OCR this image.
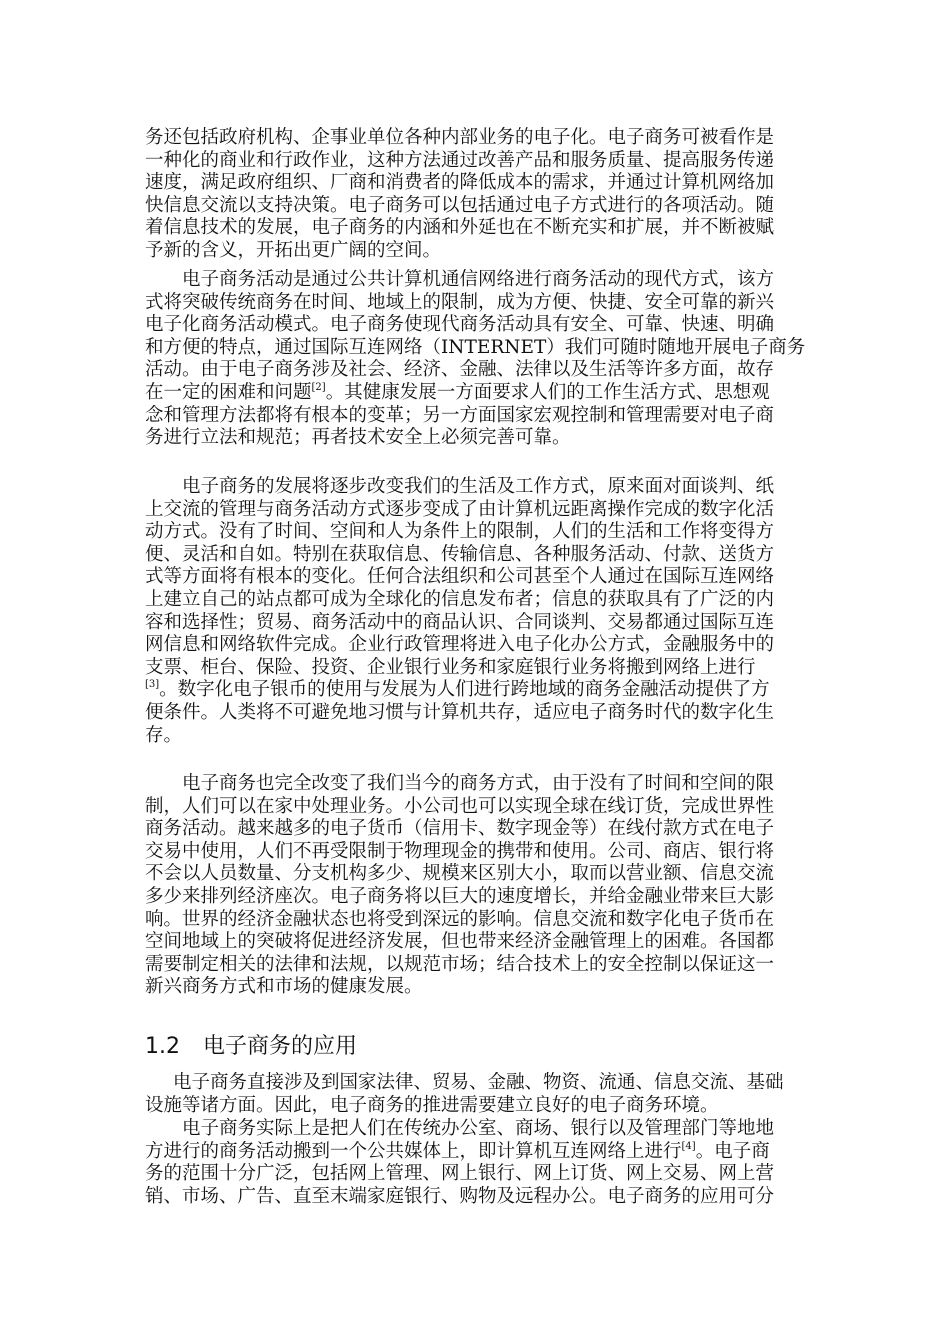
务还包括政府机构、企事业单位各种内部业务的电子化。电子商务可被看作是
一种化的商业和行政作业，这种方法通过改善产品和服务质量、提高服务传递
速度，满足政府组织、厂商和消费者的降低成本的需求，并通过计算机网络加
快信息交流以支持决策。电子商务可以包括通过电子方式进行的各项活动。随
着信息技术的发展，电子商务的内涵和外延也在不断充实和扩展，并不断被赋
予新的含义，开拓出更广阔的空间。
电子商务活动是通过公共计算机通信网络进行商务活动的现代方式，该方
式将突破传统商务在时间、地域上的限制，成为方便、快捷、安全可靠的新兴
电子化商务活动模式。电子商务使现代商务活动具有安全、可靠、快速、明确
和方便的特点，通过国际互连网络（INTERNET）我们可随时随地开展电子商务
活动。由于电子商务涉及社会、经济、金融、法律以及生活等许多方面，故存
在一定的困难和问题[2]。其健康发展一方面要求人们的工作生活方式、思想观
念和管理方法都将有根本的变革；另一方面国家宏观控制和管理需要对电子商
务进行立法和规范；再者技术安全上必须完善可靠。
电子商务的发展将逐步改变我们的生活及工作方式，原来面对面谈判、纸
上交流的管理与商务活动方式逐步变成了由计算机远距离操作完成的数字化活
动方式。没有了时间、空间和人为条件上的限制，人们的生活和工作将变得方
便、灵活和自如。特别在获取信息、传输信息、各种服务活动、付款、送货方
式等方面将有根本的变化。任何合法组织和公司甚至个人通过在国际互连网络
上建立自己的站点都可成为全球化的信息发布者；信息的获取具有了广泛的内
容和选择性；贸易、商务活动中的商品认识、合同谈判、交易都通过国际互连
网信息和网络软件完成。企业行政管理将进入电子化办公方式，金融服务中的
支票、柜台、保险、投资、企业银行业务和家庭银行业务将搬到网络上进行
[3]。数字化电子银币的使用与发展为人们进行跨地域的商务金融活动提供了方
便条件。人类将不可避免地习惯与计算机共存，适应电子商务时代的数字化生
存。
电子商务也完全改变了我们当今的商务方式，由于没有了时间和空间的限
制，人们可以在家中处理业务。小公司也可以实现全球在线订货，完成世界性
商务活动。越来越多的电子货币（信用卡、数字现金等）在线付款方式在电子
交易中使用，人们不再受限制于物理现金的携带和使用。公司、商店、银行将
不会以人员数量、分支机构多少、规模来区别大小，取而以营业额、信息交流
多少来排列经济座次。电子商务将以巨大的速度增长，并给金融业带来巨大影
响。世界的经济金融状态也将受到深远的影响。信息交流和数字化电子货币在
空间地域上的突破将促进经济发展，但也带来经济金融管理上的困难。各国都
需要制定相关的法律和法规，以规范市场；结合技术上的安全控制以保证这一
新兴商务方式和市场的健康发展。
1.2 电子商务的应用
电子商务直接涉及到国家法律、贸易、金融、物资、流通、信息交流、基础
设施等诸方面。因此，电子商务的推进需要建立良好的电子商务环境。
电子商务实际上是把人们在传统办公室、商场、银行以及管理部门等地地
方进行的商务活动搬到一个公共媒体上，即计算机互连网络上进行[4]。电子商
务的范围十分广泛，包括网上管理、网上银行、网上订货、网上交易、网上营
销、市场、广告、直至末端家庭银行、购物及远程办公。电子商务的应用可分
